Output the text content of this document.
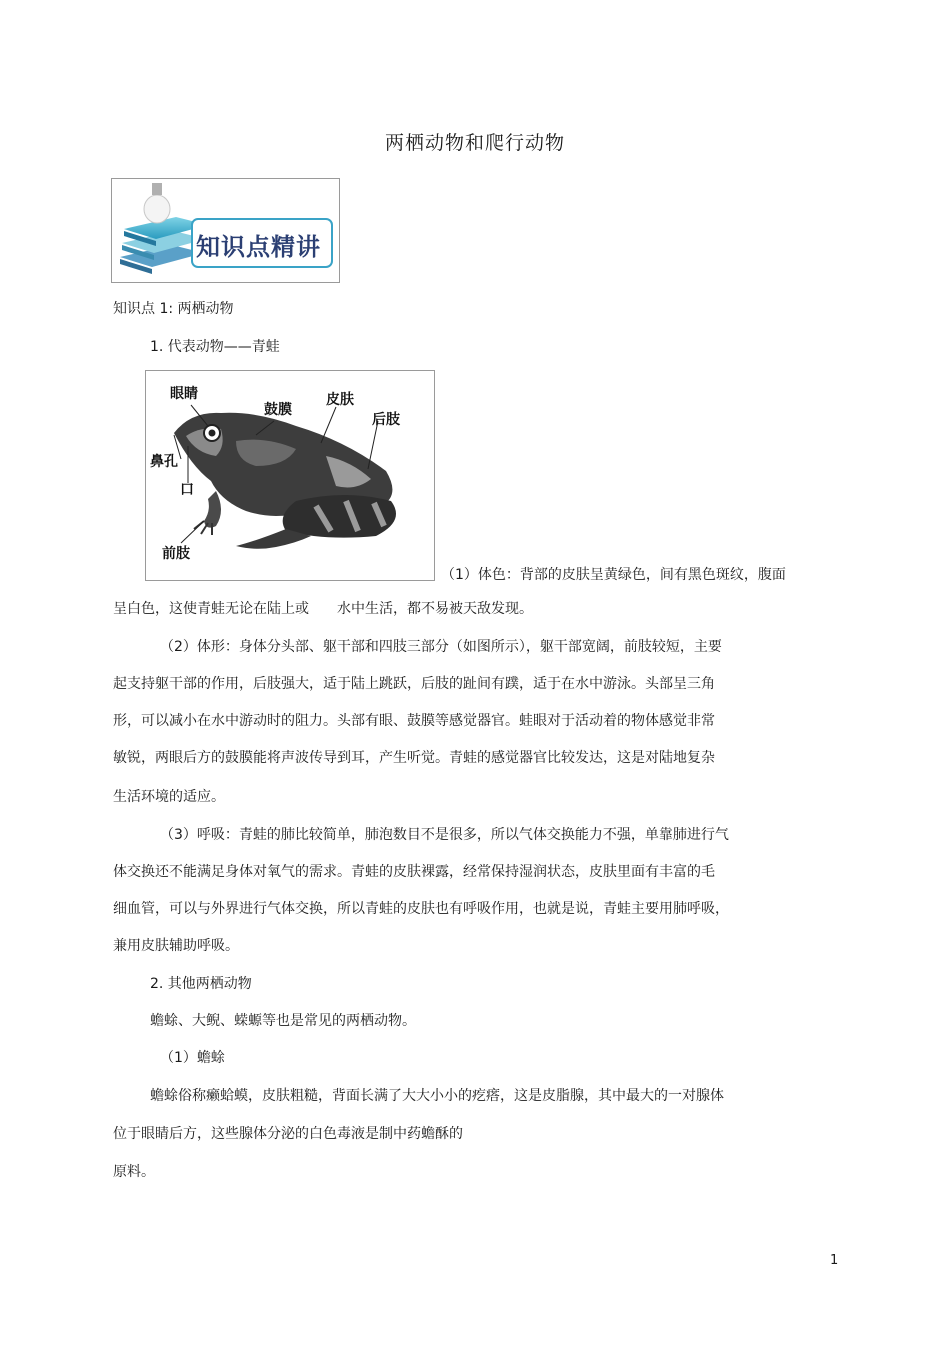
两栖动物和爬行动物
知识点精讲
知识点 1: 两栖动物
1. 代表动物——青蛙
眼睛
鼓膜
皮肤
后肢
鼻孔
口
前肢
（1）体色：背部的皮肤呈黄绿色，间有黑色斑纹，腹面
呈白色，这使青蛙无论在陆上或　　水中生活，都不易被天敌发现。
（2）体形：身体分头部、躯干部和四肢三部分（如图所示），躯干部宽阔，前肢较短，主要
起支持躯干部的作用，后肢强大，适于陆上跳跃，后肢的趾间有蹼，适于在水中游泳。头部呈三角
形，可以减小在水中游动时的阻力。头部有眼、鼓膜等感觉器官。蛙眼对于活动着的物体感觉非常
敏锐，两眼后方的鼓膜能将声波传导到耳，产生听觉。青蛙的感觉器官比较发达，这是对陆地复杂
生活环境的适应。
（3）呼吸：青蛙的肺比较简单，肺泡数目不是很多，所以气体交换能力不强，单靠肺进行气
体交换还不能满足身体对氧气的需求。青蛙的皮肤裸露，经常保持湿润状态，皮肤里面有丰富的毛
细血管，可以与外界进行气体交换，所以青蛙的皮肤也有呼吸作用，也就是说，青蛙主要用肺呼吸，
兼用皮肤辅助呼吸。
2. 其他两栖动物
蟾蜍、大鲵、蝾螈等也是常见的两栖动物。
（1）蟾蜍
蟾蜍俗称癞蛤蟆，皮肤粗糙，背面长满了大大小小的疙瘩，这是皮脂腺，其中最大的一对腺体
位于眼睛后方，这些腺体分泌的白色毒液是制中药蟾酥的
原料。
1
